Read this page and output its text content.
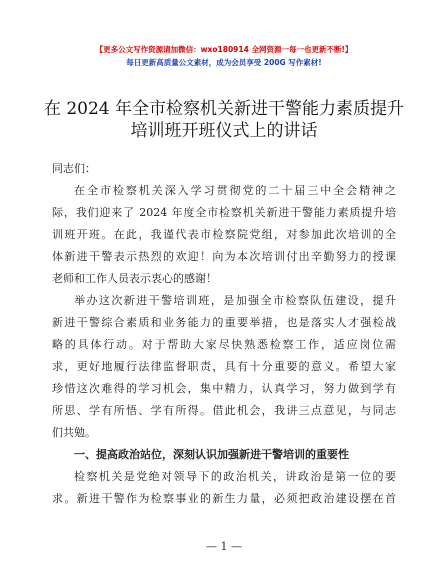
【更多公文写作资源请加微信：wxo180914 全网资源一每一也更新不断!】
每日更新高质量公文素材，成为会员享受 200G 写作素材!
在 2024 年全市检察机关新进干警能力素质提升
培训班开班仪式上的讲话
同志们：
在全市检察机关深入学习贯彻党的二十届三中全会精神之
际，我们迎来了 2024 年度全市检察机关新进干警能力素质提升培
训班开班。在此，我谨代表市检察院党组，对参加此次培训的全
体新进干警表示热烈的欢迎！向为本次培训付出辛勤努力的授课
老师和工作人员表示衷心的感谢！
举办这次新进干警培训班，是加强全市检察队伍建设，提升
新进干警综合素质和业务能力的重要举措，也是落实人才强检战
略的具体行动。对于帮助大家尽快熟悉检察工作，适应岗位需
求，更好地履行法律监督职责，具有十分重要的意义。希望大家
珍惜这次难得的学习机会，集中精力，认真学习，努力做到学有
所思、学有所悟、学有所得。借此机会，我讲三点意见，与同志
们共勉。
一、提高政治站位，深刻认识加强新进干警培训的重要性
检察机关是党绝对领导下的政治机关，讲政治是第一位的要
求。新进干警作为检察事业的新生力量，必须把政治建设摆在首
— 1 —
